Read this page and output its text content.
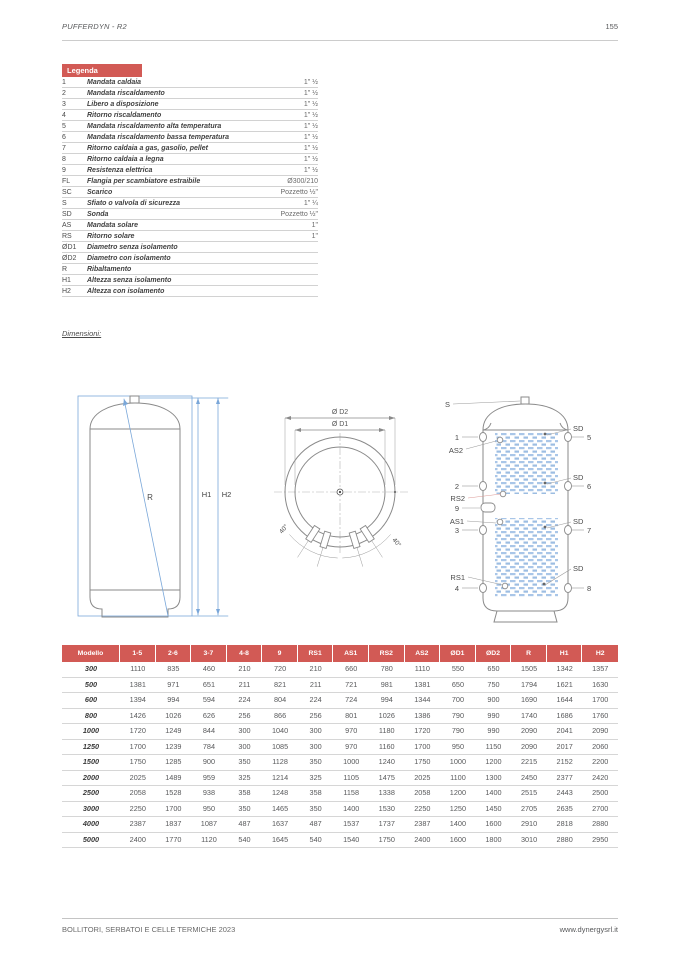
PUFFERDYN - R2	155
Legenda
1	Mandata caldaia	1" ½
2	Mandata riscaldamento	1" ½
3	Libero a disposizione	1" ½
4	Ritorno riscaldamento	1" ½
5	Mandata riscaldamento alta temperatura	1" ½
6	Mandata riscaldamento bassa temperatura	1" ½
7	Ritorno caldaia a gas, gasolio, pellet	1" ½
8	Ritorno caldaia a legna	1" ½
9	Resistenza elettrica	1" ½
FL	Flangia per scambiatore estraibile	Ø300/210
SC	Scarico	Pozzetto ½"
S	Sfiato o valvola di sicurezza	1" ¼
SD	Sonda	Pozzetto ½"
AS	Mandata solare	1"
RS	Ritorno solare	1"
ØD1	Diametro senza isolamento
ØD2	Diametro con isolamento
R	Ribaltamento
H1	Altezza senza isolamento
H2	Altezza con isolamento
Dimensioni:
R	H1 H2
Ø D2
Ø D1
40°
40°
S
1
AS2
2
RS2
9
AS1
3
RS1
4
5
6
7
8
SD
SD
SD
SD
Modello	1-5	2-6	3-7	4-8	9	RS1	AS1	RS2	AS2	ØD1	ØD2	R	H1	H2
300	1110	835	460	210	720	210	660	780	1110	550	650	1505	1342	1357
500	1381	971	651	211	821	211	721	981	1381	650	750	1794	1621	1630
600	1394	994	594	224	804	224	724	994	1344	700	900	1690	1644	1700
800	1426	1026	626	256	866	256	801	1026	1386	790	990	1740	1686	1760
1000	1720	1249	844	300	1040	300	970	1180	1720	790	990	2090	2041	2090
1250	1700	1239	784	300	1085	300	970	1160	1700	950	1150	2090	2017	2060
1500	1750	1285	900	350	1128	350	1000	1240	1750	1000	1200	2215	2152	2200
2000	2025	1489	959	325	1214	325	1105	1475	2025	1100	1300	2450	2377	2420
2500	2058	1528	938	358	1248	358	1158	1338	2058	1200	1400	2515	2443	2500
3000	2250	1700	950	350	1465	350	1400	1530	2250	1250	1450	2705	2635	2700
4000	2387	1837	1087	487	1637	487	1537	1737	2387	1400	1600	2910	2818	2880
5000	2400	1770	1120	540	1645	540	1540	1750	2400	1600	1800	3010	2880	2950
BOLLITORI, SERBATOI E CELLE TERMICHE 2023	www.dynergysrl.it
